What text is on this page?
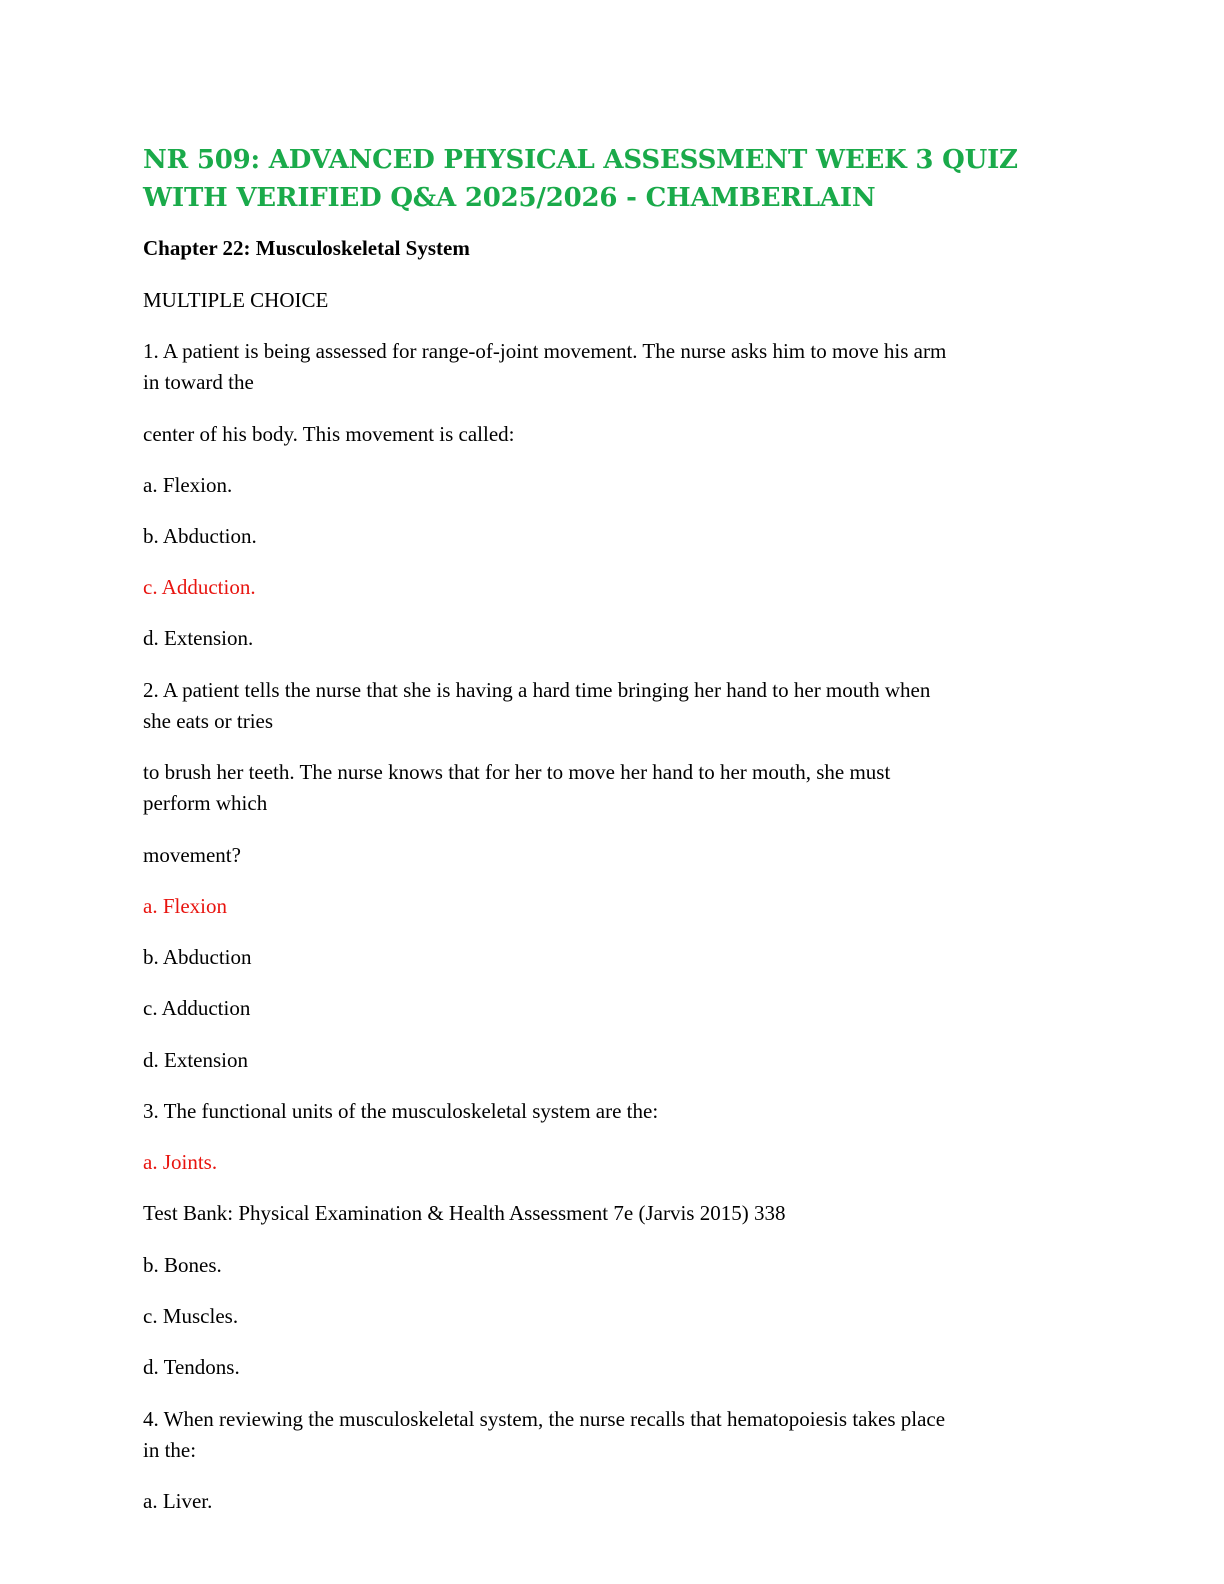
NR 509: ADVANCED PHYSICAL ASSESSMENT WEEK 3 QUIZ
WITH VERIFIED Q&A 2025/2026 - CHAMBERLAIN

Chapter 22: Musculoskeletal System

MULTIPLE CHOICE

1. A patient is being assessed for range-of-joint movement. The nurse asks him to move his arm

in toward the

center of his body. This movement is called:

a. Flexion.

b. Abduction.

c. Adduction.

d. Extension.

2. A patient tells the nurse that she is having a hard time bringing her hand to her mouth when

she eats or tries

to brush her teeth. The nurse knows that for her to move her hand to her mouth, she must

perform which

movement?

a. Flexion

b. Abduction

c. Adduction

d. Extension

3. The functional units of the musculoskeletal system are the:

a. Joints.

Test Bank: Physical Examination & Health Assessment 7e (Jarvis 2015) 338

b. Bones.

c. Muscles.

d. Tendons.

4. When reviewing the musculoskeletal system, the nurse recalls that hematopoiesis takes place

in the:

a. Liver.
